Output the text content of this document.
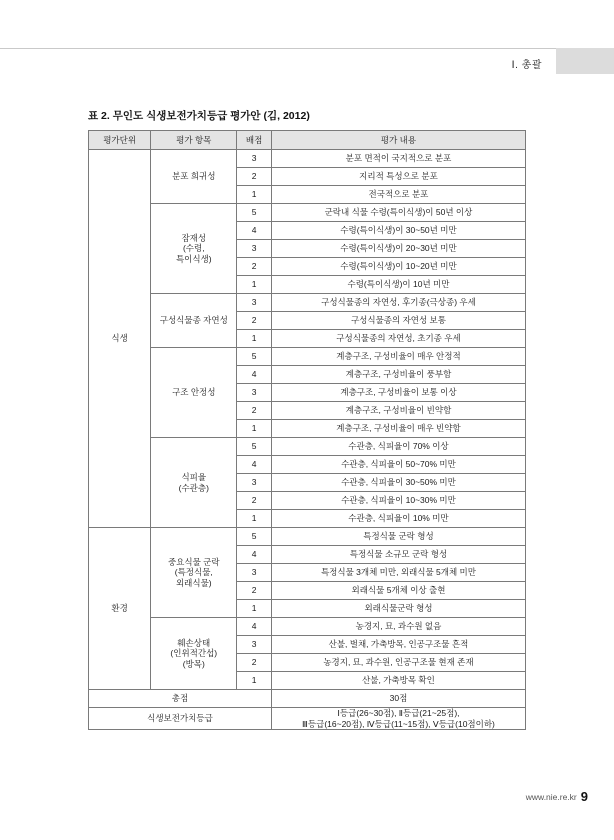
Ⅰ. 총괄
표 2. 무인도 식생보전가치등급 평가안 (김, 2012)
평가단위	평가 항목	배점	평가 내용
식생	분포 희귀성	3	분포 면적이 국지적으로 분포
		2	지리적 특성으로 분포
		1	전국적으로 분포

	잠재성
(수령,
특이식생)	5	군락내 식물 수령(특이식생)이 50년 이상
		4	수령(특이식생)이 30~50년 미만
		3	수령(특이식생)이 20~30년 미만
		2	수령(특이식생)이 10~20년 미만
		1	수령(특이식생)이 10년 미만
	구성식물종 자연성	3	구성식물종의 자연성, 후기종(극상종) 우세
		2	구성식물종의 자연성 보통
		1	구성식물종의 자연성, 초기종 우세
	구조 안정성	5	계층구조, 구성비율이 매우 안정적
		4	계층구조, 구성비율이 풍부함
		3	계층구조, 구성비율이 보통 이상
		2	계층구조, 구성비율이 빈약함
		1	계층구조, 구성비율이 매우 빈약함

	식피율
(수관층)	5	수관층, 식피율이 70% 이상
		4	수관층, 식피율이 50~70% 미만
		3	수관층, 식피율이 30~50% 미만
		2	수관층, 식피율이 10~30% 미만
		1	수관층, 식피율이 10% 미만
환경	중요식물 군락
(특정식물,
외래식물)	5	특정식물 군락 형성
		4	특정식물 소규모 군락 형성
		3	특정식물 3개체 미만, 외래식물 5개체 미만
		2	외래식물 5개체 이상 출현
		1	외래식물군락 형성

	훼손상태
(인위적간섭)
(방목)	4	농경지, 묘, 과수원 없음
		3	산불, 벌채, 가축방목, 인공구조물 흔적
		2	농경지, 묘, 과수원, 인공구조물 현재 존재
		1	산불, 가축방목 확인
총점			30점
식생보전가치등급			Ⅰ등급(26~30점), Ⅱ등급(21~25점),
Ⅲ등급(16~20점), Ⅳ등급(11~15점), Ⅴ등급(10점이하)
www.nie.re.kr 9
